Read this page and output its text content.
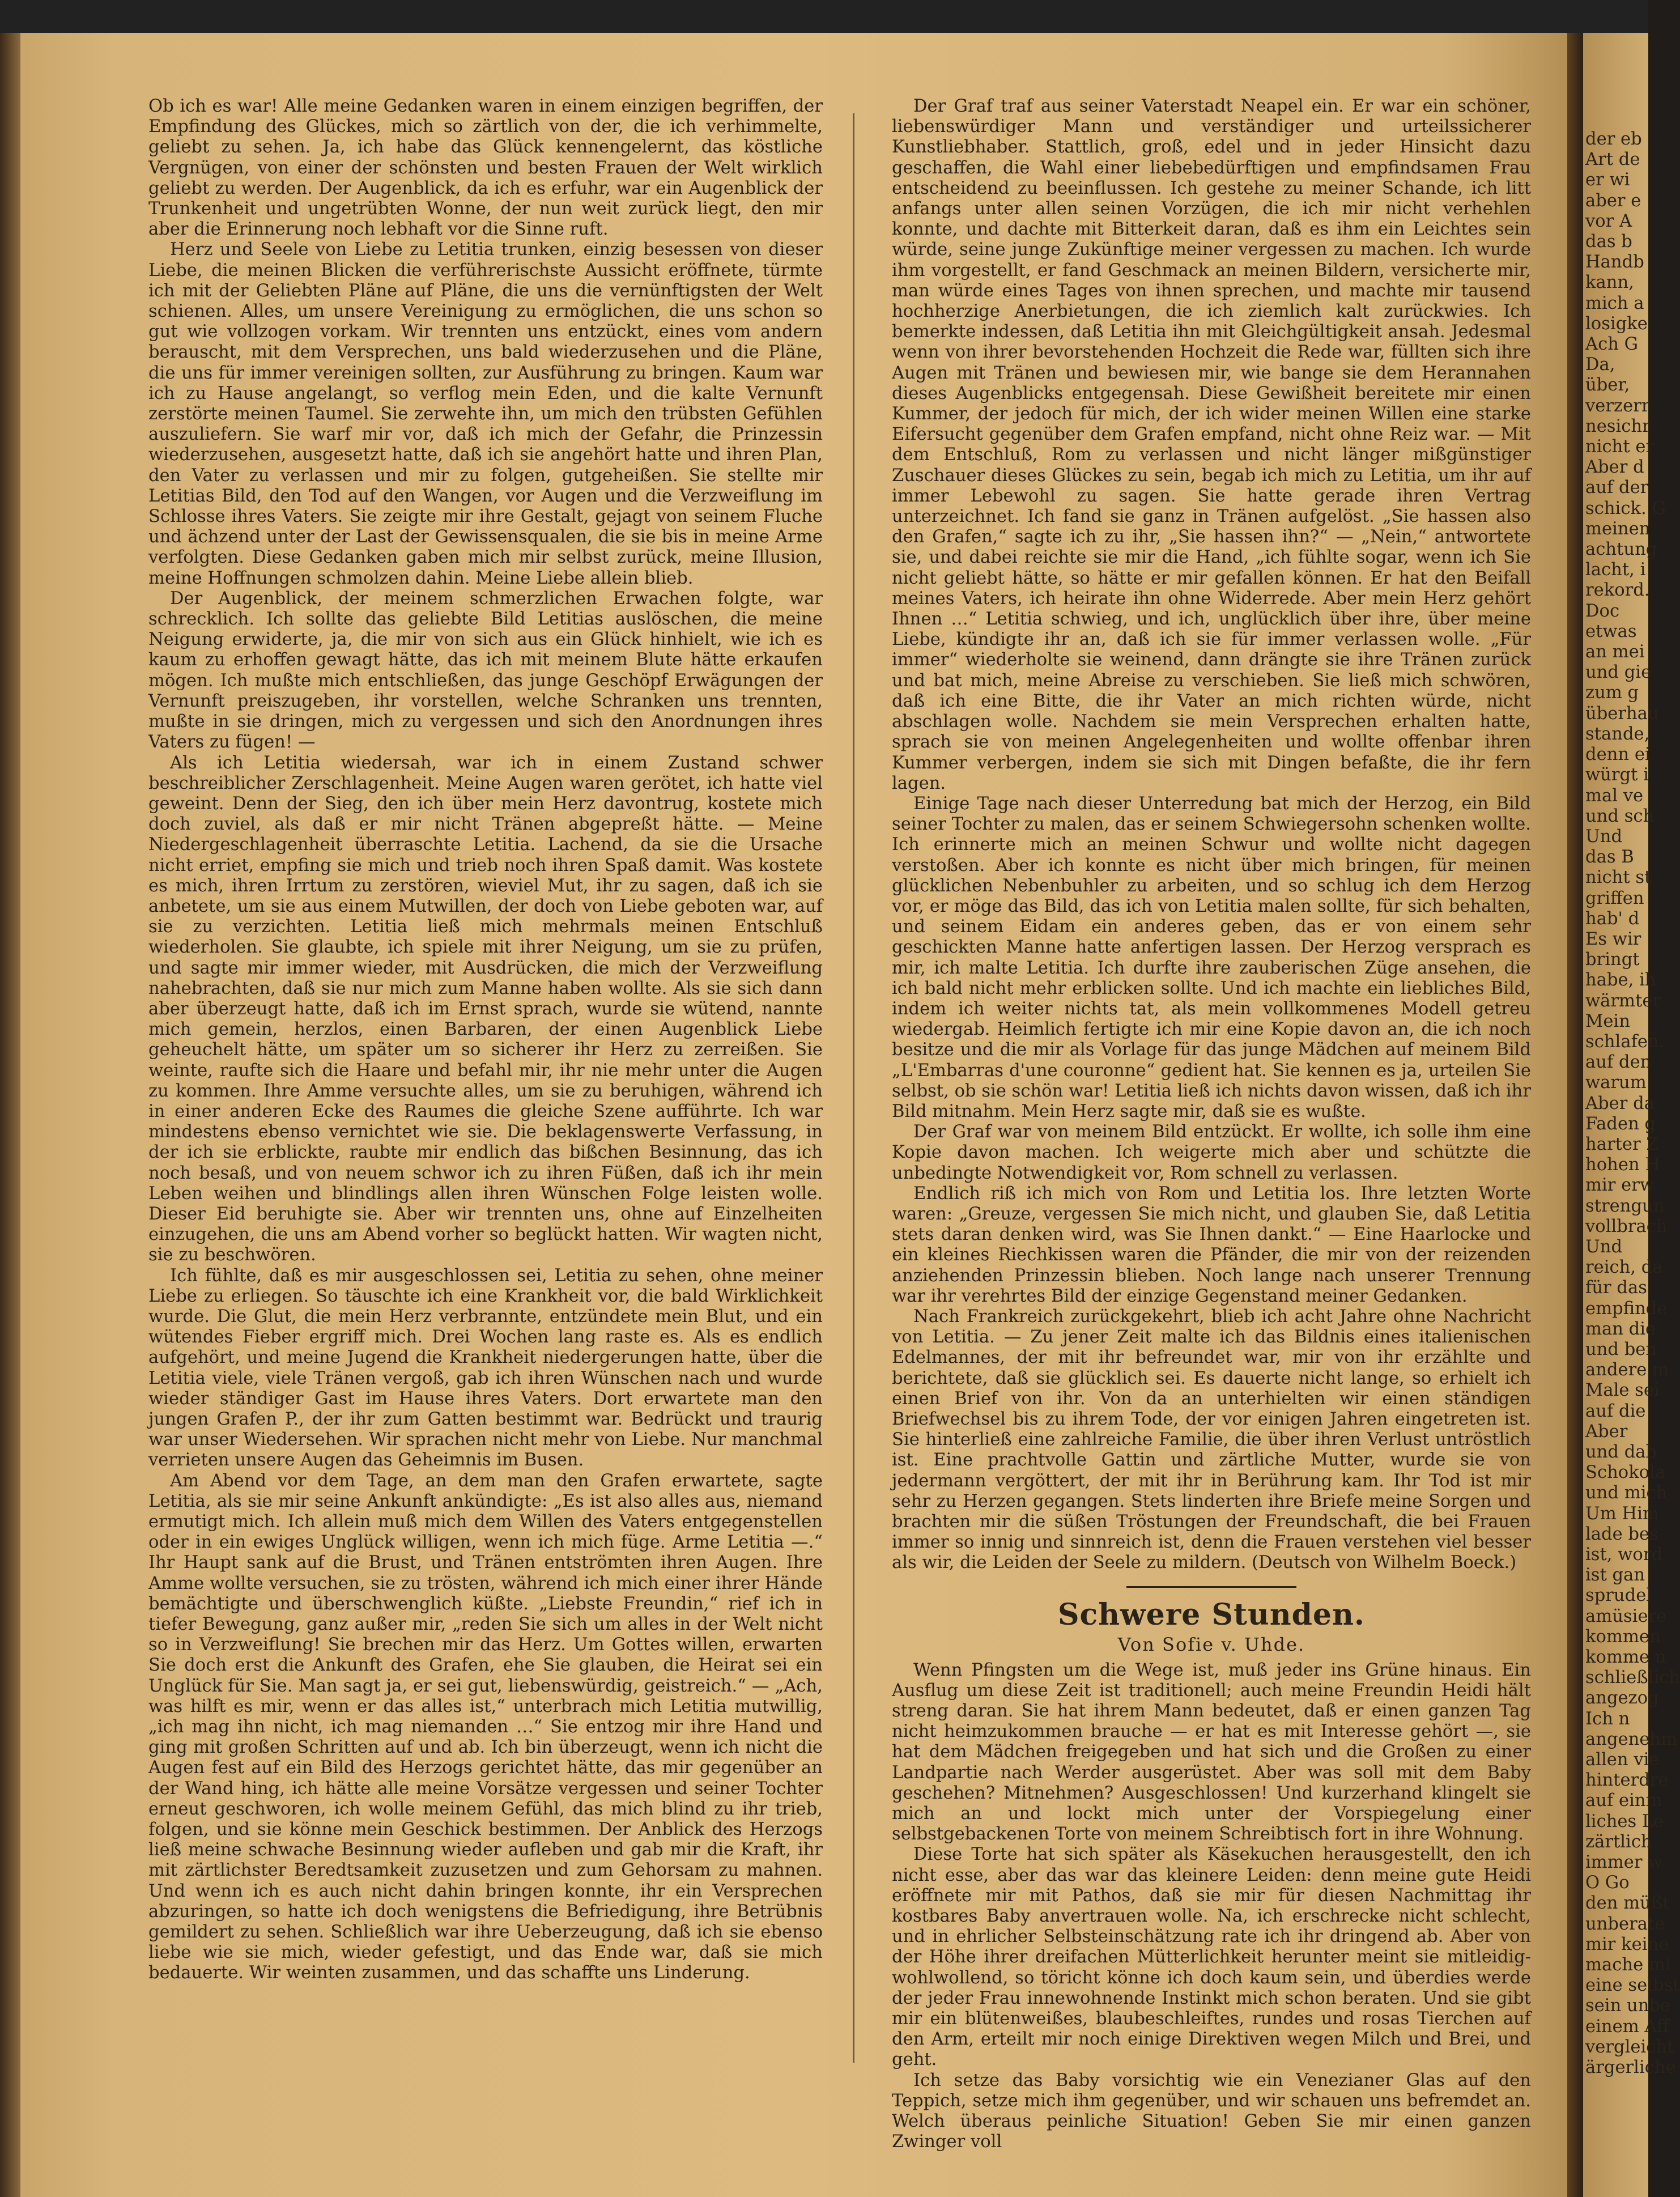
Ob ich es war! Alle meine Gedanken waren in einem einzigen begriffen, der Empfindung des Glückes, mich so zärtlich von der, die ich verhimmelte, geliebt zu sehen. Ja, ich habe das Glück kennengelernt, das köstliche Vergnügen, von einer der schönsten und besten Frauen der Welt wirklich geliebt zu werden. Der Augenblick, da ich es erfuhr, war ein Augenblick der Trunkenheit und ungetrübten Wonne, der nun weit zurück liegt, den mir aber die Erinnerung noch lebhaft vor die Sinne ruft.

Herz und Seele von Liebe zu Letitia trunken, einzig besessen von dieser Liebe, die meinen Blicken die verführerischste Aussicht eröffnete, türmte ich mit der Geliebten Pläne auf Pläne, die uns die vernünftigsten der Welt schienen. Alles, um unsere Vereinigung zu ermöglichen, die uns schon so gut wie vollzogen vorkam. Wir trennten uns entzückt, eines vom andern berauscht, mit dem Versprechen, uns bald wiederzusehen und die Pläne, die uns für immer vereinigen sollten, zur Ausführung zu bringen. Kaum war ich zu Hause angelangt, so verflog mein Eden, und die kalte Vernunft zerstörte meinen Taumel. Sie zerwehte ihn, um mich den trübsten Gefühlen auszuliefern. Sie warf mir vor, daß ich mich der Gefahr, die Prinzessin wiederzusehen, ausgesetzt hatte, daß ich sie angehört hatte und ihren Plan, den Vater zu verlassen und mir zu folgen, gutgeheißen. Sie stellte mir Letitias Bild, den Tod auf den Wangen, vor Augen und die Verzweiflung im Schlosse ihres Vaters. Sie zeigte mir ihre Gestalt, gejagt von seinem Fluche und ächzend unter der Last der Gewissensqualen, die sie bis in meine Arme verfolgten. Diese Gedanken gaben mich mir selbst zurück, meine Illusion, meine Hoffnungen schmolzen dahin. Meine Liebe allein blieb.

Der Augenblick, der meinem schmerzlichen Erwachen folgte, war schrecklich. Ich sollte das geliebte Bild Letitias auslöschen, die meine Neigung erwiderte, ja, die mir von sich aus ein Glück hinhielt, wie ich es kaum zu erhoffen gewagt hätte, das ich mit meinem Blute hätte erkaufen mögen. Ich mußte mich entschließen, das junge Geschöpf Erwägungen der Vernunft preiszugeben, ihr vorstellen, welche Schranken uns trennten, mußte in sie dringen, mich zu vergessen und sich den Anordnungen ihres Vaters zu fügen! —

Als ich Letitia wiedersah, war ich in einem Zustand schwer beschreiblicher Zerschlagenheit. Meine Augen waren gerötet, ich hatte viel geweint. Denn der Sieg, den ich über mein Herz davontrug, kostete mich doch zuviel, als daß er mir nicht Tränen abgepreßt hätte. — Meine Niedergeschlagenheit überraschte Letitia. Lachend, da sie die Ursache nicht erriet, empfing sie mich und trieb noch ihren Spaß damit. Was kostete es mich, ihren Irrtum zu zerstören, wieviel Mut, ihr zu sagen, daß ich sie anbetete, um sie aus einem Mutwillen, der doch von Liebe geboten war, auf sie zu verzichten. Letitia ließ mich mehrmals meinen Entschluß wiederholen. Sie glaubte, ich spiele mit ihrer Neigung, um sie zu prüfen, und sagte mir immer wieder, mit Ausdrücken, die mich der Verzweiflung nahebrachten, daß sie nur mich zum Manne haben wollte. Als sie sich dann aber überzeugt hatte, daß ich im Ernst sprach, wurde sie wütend, nannte mich gemein, herzlos, einen Barbaren, der einen Augenblick Liebe geheuchelt hätte, um später um so sicherer ihr Herz zu zerreißen. Sie weinte, raufte sich die Haare und befahl mir, ihr nie mehr unter die Augen zu kommen. Ihre Amme versuchte alles, um sie zu beruhigen, während ich in einer anderen Ecke des Raumes die gleiche Szene aufführte. Ich war mindestens ebenso vernichtet wie sie. Die beklagenswerte Verfassung, in der ich sie erblickte, raubte mir endlich das bißchen Besinnung, das ich noch besaß, und von neuem schwor ich zu ihren Füßen, daß ich ihr mein Leben weihen und blindlings allen ihren Wünschen Folge leisten wolle. Dieser Eid beruhigte sie. Aber wir trennten uns, ohne auf Einzelheiten einzugehen, die uns am Abend vorher so beglückt hatten. Wir wagten nicht, sie zu beschwören.

Ich fühlte, daß es mir ausgeschlossen sei, Letitia zu sehen, ohne meiner Liebe zu erliegen. So täuschte ich eine Krankheit vor, die bald Wirklichkeit wurde. Die Glut, die mein Herz verbrannte, entzündete mein Blut, und ein wütendes Fieber ergriff mich. Drei Wochen lang raste es. Als es endlich aufgehört, und meine Jugend die Krankheit niedergerungen hatte, über die Letitia viele, viele Tränen vergoß, gab ich ihren Wünschen nach und wurde wieder ständiger Gast im Hause ihres Vaters. Dort erwartete man den jungen Grafen P., der ihr zum Gatten bestimmt war. Bedrückt und traurig war unser Wiedersehen. Wir sprachen nicht mehr von Liebe. Nur manchmal verrieten unsere Augen das Geheimnis im Busen.

Am Abend vor dem Tage, an dem man den Grafen erwartete, sagte Letitia, als sie mir seine Ankunft ankündigte: „Es ist also alles aus, niemand ermutigt mich. Ich allein muß mich dem Willen des Vaters entgegenstellen oder in ein ewiges Unglück willigen, wenn ich mich füge. Arme Letitia —.“ Ihr Haupt sank auf die Brust, und Tränen entströmten ihren Augen. Ihre Amme wollte versuchen, sie zu trösten, während ich mich einer ihrer Hände bemächtigte und überschwenglich küßte. „Liebste Freundin,“ rief ich in tiefer Bewegung, ganz außer mir, „reden Sie sich um alles in der Welt nicht so in Verzweiflung! Sie brechen mir das Herz. Um Gottes willen, erwarten Sie doch erst die Ankunft des Grafen, ehe Sie glauben, die Heirat sei ein Unglück für Sie. Man sagt ja, er sei gut, liebenswürdig, geistreich.“ — „Ach, was hilft es mir, wenn er das alles ist,“ unterbrach mich Letitia mutwillig, „ich mag ihn nicht, ich mag niemanden …“ Sie entzog mir ihre Hand und ging mit großen Schritten auf und ab. Ich bin überzeugt, wenn ich nicht die Augen fest auf ein Bild des Herzogs gerichtet hätte, das mir gegenüber an der Wand hing, ich hätte alle meine Vorsätze vergessen und seiner Tochter erneut geschworen, ich wolle meinem Gefühl, das mich blind zu ihr trieb, folgen, und sie könne mein Geschick bestimmen. Der Anblick des Herzogs ließ meine schwache Besinnung wieder aufleben und gab mir die Kraft, ihr mit zärtlichster Beredtsamkeit zuzusetzen und zum Gehorsam zu mahnen. Und wenn ich es auch nicht dahin bringen konnte, ihr ein Versprechen abzuringen, so hatte ich doch wenigstens die Befriedigung, ihre Betrübnis gemildert zu sehen. Schließlich war ihre Ueberzeugung, daß ich sie ebenso liebe wie sie mich, wieder gefestigt, und das Ende war, daß sie mich bedauerte. Wir weinten zusammen, und das schaffte uns Linderung.

Der Graf traf aus seiner Vaterstadt Neapel ein. Er war ein schöner, liebenswürdiger Mann und verständiger und urteilssicherer Kunstliebhaber. Stattlich, groß, edel und in jeder Hinsicht dazu geschaffen, die Wahl einer liebebedürftigen und empfindsamen Frau entscheidend zu beeinflussen. Ich gestehe zu meiner Schande, ich litt anfangs unter allen seinen Vorzügen, die ich mir nicht verhehlen konnte, und dachte mit Bitterkeit daran, daß es ihm ein Leichtes sein würde, seine junge Zukünftige meiner vergessen zu machen. Ich wurde ihm vorgestellt, er fand Geschmack an meinen Bildern, versicherte mir, man würde eines Tages von ihnen sprechen, und machte mir tausend hochherzige Anerbietungen, die ich ziemlich kalt zurückwies. Ich bemerkte indessen, daß Letitia ihn mit Gleichgültigkeit ansah. Jedesmal wenn von ihrer bevorstehenden Hochzeit die Rede war, füllten sich ihre Augen mit Tränen und bewiesen mir, wie bange sie dem Herannahen dieses Augenblicks entgegensah. Diese Gewißheit bereitete mir einen Kummer, der jedoch für mich, der ich wider meinen Willen eine starke Eifersucht gegenüber dem Grafen empfand, nicht ohne Reiz war. — Mit dem Entschluß, Rom zu verlassen und nicht länger mißgünstiger Zuschauer dieses Glückes zu sein, begab ich mich zu Letitia, um ihr auf immer Lebewohl zu sagen. Sie hatte gerade ihren Vertrag unterzeichnet. Ich fand sie ganz in Tränen aufgelöst. „Sie hassen also den Grafen,“ sagte ich zu ihr, „Sie hassen ihn?“ — „Nein,“ antwortete sie, und dabei reichte sie mir die Hand, „ich fühlte sogar, wenn ich Sie nicht geliebt hätte, so hätte er mir gefallen können. Er hat den Beifall meines Vaters, ich heirate ihn ohne Widerrede. Aber mein Herz gehört Ihnen …“ Letitia schwieg, und ich, unglücklich über ihre, über meine Liebe, kündigte ihr an, daß ich sie für immer verlassen wolle. „Für immer“ wiederholte sie weinend, dann drängte sie ihre Tränen zurück und bat mich, meine Abreise zu verschieben. Sie ließ mich schwören, daß ich eine Bitte, die ihr Vater an mich richten würde, nicht abschlagen wolle. Nachdem sie mein Versprechen erhalten hatte, sprach sie von meinen Angelegenheiten und wollte offenbar ihren Kummer verbergen, indem sie sich mit Dingen befaßte, die ihr fern lagen.

Einige Tage nach dieser Unterredung bat mich der Herzog, ein Bild seiner Tochter zu malen, das er seinem Schwiegersohn schenken wollte. Ich erinnerte mich an meinen Schwur und wollte nicht dagegen verstoßen. Aber ich konnte es nicht über mich bringen, für meinen glücklichen Nebenbuhler zu arbeiten, und so schlug ich dem Herzog vor, er möge das Bild, das ich von Letitia malen sollte, für sich behalten, und seinem Eidam ein anderes geben, das er von einem sehr geschickten Manne hatte anfertigen lassen. Der Herzog versprach es mir, ich malte Letitia. Ich durfte ihre zauberischen Züge ansehen, die ich bald nicht mehr erblicken sollte. Und ich machte ein liebliches Bild, indem ich weiter nichts tat, als mein vollkommenes Modell getreu wiedergab. Heimlich fertigte ich mir eine Kopie davon an, die ich noch besitze und die mir als Vorlage für das junge Mädchen auf meinem Bild „L'Embarras d'une couronne“ gedient hat. Sie kennen es ja, urteilen Sie selbst, ob sie schön war! Letitia ließ ich nichts davon wissen, daß ich ihr Bild mitnahm. Mein Herz sagte mir, daß sie es wußte.

Der Graf war von meinem Bild entzückt. Er wollte, ich solle ihm eine Kopie davon machen. Ich weigerte mich aber und schützte die unbedingte Notwendigkeit vor, Rom schnell zu verlassen.

Endlich riß ich mich von Rom und Letitia los. Ihre letzten Worte waren: „Greuze, vergessen Sie mich nicht, und glauben Sie, daß Letitia stets daran denken wird, was Sie Ihnen dankt.“ — Eine Haarlocke und ein kleines Riechkissen waren die Pfänder, die mir von der reizenden anziehenden Prinzessin blieben. Noch lange nach unserer Trennung war ihr verehrtes Bild der einzige Gegenstand meiner Gedanken.

Nach Frankreich zurückgekehrt, blieb ich acht Jahre ohne Nachricht von Letitia. — Zu jener Zeit malte ich das Bildnis eines italienischen Edelmannes, der mit ihr befreundet war, mir von ihr erzählte und berichtete, daß sie glücklich sei. Es dauerte nicht lange, so erhielt ich einen Brief von ihr. Von da an unterhielten wir einen ständigen Briefwechsel bis zu ihrem Tode, der vor einigen Jahren eingetreten ist. Sie hinterließ eine zahlreiche Familie, die über ihren Verlust untröstlich ist. Eine prachtvolle Gattin und zärtliche Mutter, wurde sie von jedermann vergöttert, der mit ihr in Berührung kam. Ihr Tod ist mir sehr zu Herzen gegangen. Stets linderten ihre Briefe meine Sorgen und brachten mir die süßen Tröstungen der Freundschaft, die bei Frauen immer so innig und sinnreich ist, denn die Frauen verstehen viel besser als wir, die Leiden der Seele zu mildern. (Deutsch von Wilhelm Boeck.)

Schwere Stunden.
Von Sofie v. Uhde.

Wenn Pfingsten um die Wege ist, muß jeder ins Grüne hinaus. Ein Ausflug um diese Zeit ist traditionell; auch meine Freundin Heidi hält streng daran. Sie hat ihrem Mann bedeutet, daß er einen ganzen Tag nicht heimzukommen brauche — er hat es mit Interesse gehört —, sie hat dem Mädchen freigegeben und hat sich und die Großen zu einer Landpartie nach Werder ausgerüstet. Aber was soll mit dem Baby geschehen? Mitnehmen? Ausgeschlossen! Und kurzerhand klingelt sie mich an und lockt mich unter der Vorspiegelung einer selbstgebackenen Torte von meinem Schreibtisch fort in ihre Wohnung.

Diese Torte hat sich später als Käsekuchen herausgestellt, den ich nicht esse, aber das war das kleinere Leiden: denn meine gute Heidi eröffnete mir mit Pathos, daß sie mir für diesen Nachmittag ihr kostbares Baby anvertrauen wolle. Na, ich erschrecke nicht schlecht, und in ehrlicher Selbsteinschätzung rate ich ihr dringend ab. Aber von der Höhe ihrer dreifachen Mütterlichkeit herunter meint sie mitleidig-wohlwollend, so töricht könne ich doch kaum sein, und überdies werde der jeder Frau innewohnende Instinkt mich schon beraten. Und sie gibt mir ein blütenweißes, blaubeschleiftes, rundes und rosas Tierchen auf den Arm, erteilt mir noch einige Direktiven wegen Milch und Brei, und geht.

Ich setze das Baby vorsichtig wie ein Venezianer Glas auf den Teppich, setze mich ihm gegenüber, und wir schauen uns befremdet an. Welch überaus peinliche Situation! Geben Sie mir einen ganzen Zwinger voll

der eb
Art de
er wi
aber e
vor A
das b
Handb
kann,
mich a
losigke
Ach G
Da,
über,
verzerr
nesichr
nicht er
Aber d
auf der
schick. G
meinen
achtung
lacht, i
rekord.
Doc
etwas
an mei
und gie
zum g
überhau
stande,
denn ei
würgt i
mal ve
und sch
Und
das B
nicht st
griffen
hab' d
Es wir
bringt
habe, ih
wärmter
Mein
schlafen.
auf den
warum
Aber da
Faden g
harter Z
hohen H
mir erw
strengun
vollbrach
Und
reich, da
für das
empfinde
man die
und ben
andere m
Male sei
auf die
Aber
und dab
Schokola
und mich
Um Him
lade bes
ist, word
ist gan
sprudel
amüsiere
kommen
komme n
schließlich
angezog
Ich n
angenehm
allen vie
hinterdre
auf einm
liches Le
zärtlich
immer w
O Go
den müßt
unberate
mir keine
mache mi
eine selbst
sein unbe
einem Aff
vergleicht
ärgerliche
